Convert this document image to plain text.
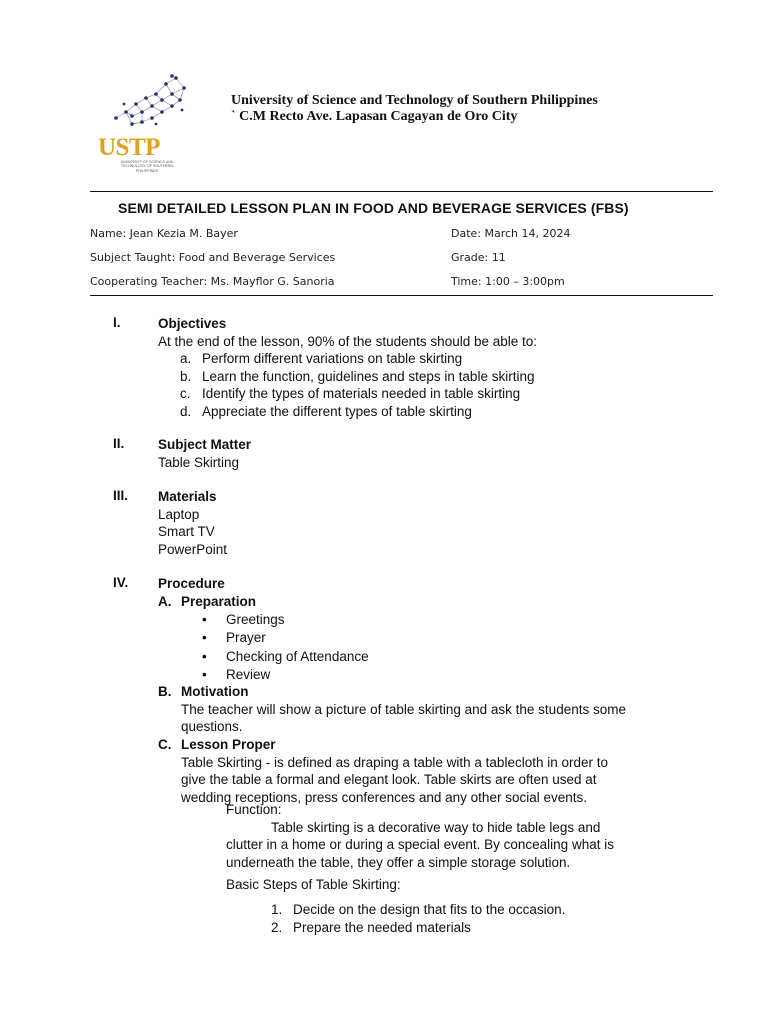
USTP
UNIVERSITY OF SCIENCE AND TECHNOLOGY OF SOUTHERN PHILIPPINES
University of Science and Technology of Southern Philippines
` C.M Recto Ave. Lapasan Cagayan de Oro City
SEMI DETAILED LESSON PLAN IN FOOD AND BEVERAGE SERVICES (FBS)
Name: Jean Kezia M. Bayer	Date: March 14, 2024
Subject Taught: Food and Beverage Services	Grade: 11
Cooperating Teacher: Ms. Mayflor G. Sanoria	Time: 1:00 – 3:00pm
I.	Objectives
At the end of the lesson, 90% of the students should be able to:
a. Perform different variations on table skirting
b. Learn the function, guidelines and steps in table skirting
c. Identify the types of materials needed in table skirting
d. Appreciate the different types of table skirting
II. Subject Matter
Table Skirting
III. Materials
Laptop
Smart TV
PowerPoint
IV. Procedure
A. Preparation
• Greetings
• Prayer
• Checking of Attendance
• Review
B. Motivation
The teacher will show a picture of table skirting and ask the students some
questions.
C. Lesson Proper
Table Skirting - is defined as draping a table with a tablecloth in order to
give the table a formal and elegant look. Table skirts are often used at
wedding receptions, press conferences and any other social events.
Function:
Table skirting is a decorative way to hide table legs and
clutter in a home or during a special event. By concealing what is
underneath the table, they offer a simple storage solution.
Basic Steps of Table Skirting:
1. Decide on the design that fits to the occasion.
2. Prepare the needed materials
